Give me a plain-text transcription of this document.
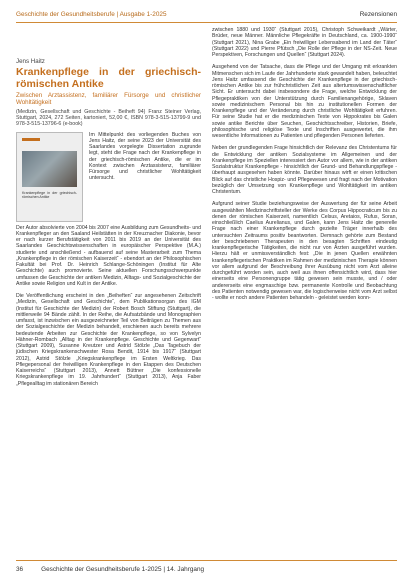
Geschichte der Gesundheitsberufe | Ausgabe 1-2025	Rezensionen
Jens Haitz
Krankenpflege in der griechisch-römischen Antike
Zwischen Arztassistenz, familiärer Fürsorge und christlicher Wohltätigkeit
(Medizin, Gesellschaft und Geschichte - Beiheft 94) Franz Steiner Verlag, Stuttgart, 2024, 272 Seiten, kartoniert, 52,00 €, ISBN 978-3-515-13799-9 und 978-3-515-13796-6 (e-book)
Krankenpflege in der griechisch-römischen Antike
Im Mittelpunkt des vorliegenden Buches von Jens Haitz, der seine 2023 der Universität des Saarlandes vorgelegte Dissertation zugrunde legt, steht die Frage nach der Krankenpflege in der griechisch-römischen Antike, die er im Kontext zwischen Arztassistenz, familiärer Fürsorge und christlicher Wohltätigkeit untersucht.

Der Autor absolvierte von 2004 bis 2007 eine Ausbildung zum Gesundheits- und Krankenpfleger an den Saaland Heilstätten in der Kreuznacher Diakonie, bevor er nach kurzer Berufstätigkeit von 2011 bis 2019 an der Universität des Saarlandes Geschichtswissenschaften in europäischer Perspektive (M.A.) studierte und anschließend - aufbauend auf seine Masterarbeit zum Thema „Krankenpflege in der römischen Kaiserzeit“ - ebendort an der Philosophischen Fakultät bei Prof. Dr. Heinrich Schlange-Schöningen (Institut für Alte Geschichte) auch promovierte. Seine aktuellen Forschungsschwerpunkte umfassen die Geschichte der antiken Medizin, Alltags- und Sozialgeschichte der Antike sowie Religion und Kult in der Antike.

Die Veröffentlichung erscheint in den „Beiheften“ zur angesehenen Zeitschrift „Medizin, Gesellschaft und Geschichte“, dem Publikationsorgan des IGM (Institut für Geschichte der Medizin) der Robert Bosch Stiftung (Stuttgart), die mittlerweile 94 Bände zählt. In der Reihe, die Aufsatzbände und Monographien umfasst, ist inzwischen ein ausgezeichneter Teil von Beiträgen zu Themen aus der Sozialgeschichte der Medizin behandelt, erschienen auch bereits mehrere bedeutende Arbeiten zur Geschichte der Krankenpflege, so von Sylvelyn Hähner-Rombach „Alltag in der Krankenpflege. Geschichte und Gegenwart“ (Stuttgart 2009), Susanne Kreutzer und Astrid Stölzle „Das Tagebuch der jüdischen Kriegskrankenschwester Rosa Bendit, 1914 bis 1917“ (Stuttgart 2012), Astrid Stölzle „Kriegskrankenpflege im Ersten Weltkrieg. Das Pflegepersonal der freiwilligen Krankenpflege in den Etappen des Deutschen Kaiserreichs“ (Stuttgart 2013), Annett Büttner „Die konfessionelle Kriegskrankenpflege im 19. Jahrhundert“ (Stuttgart 2013), Anja Faber „Pflegealltag im stationären Bereich

zwischen 1880 und 1930“ (Stuttgart 2015), Christoph Schweikardt „Wärter, Brüder, neue Männer. Männliche Pflegekräfte in Deutschland, ca. 1900-1990“ (Stuttgart 2021), Nina Grabe „Ein freiwilliger Lebensabend im Land der Täter“ (Stuttgart 2022) und Pierre Pfütsch „Die Rolle der Pflege in der NS-Zeit. Neue Perspektiven, Forschungen und Quellen“ (Stuttgart 2024).

Ausgehend von der Tatsache, dass die Pflege und der Umgang mit erkrankten Mitmenschen sich im Laufe der Jahrhunderte stark gewandelt haben, beleuchtet Jens Haitz umfassend die Geschichte der Krankenpflege in der griechisch-römischen Antike bis zur frühchristlichen Zeit aus altertumswissenschaftlicher Sicht. Er untersucht dabei insbesondere die Frage, welche Entwicklung der Pflegepraktiken von der Unterstützung durch Familienangehörige, Sklaven sowie medizinischem Personal bis hin zu institutionellen Formen der Krankenpflege und der Veränderung durch christliche Wohltätigkeit erfuhren. Für seine Studie hat er die medizinischen Texte von Hippokrates bis Galen sowie antike Berichte über Seuchen, Geschichtsschreiber, Historien, Briefe, philosophische und religiöse Texte und Inschriften ausgewertet, die ihm wesentliche Informationen zu Patienten und pflegenden Personen lieferten.

Neben der grundlegenden Frage hinsichtlich der Relevanz des Christentums für die Entwicklung der antiken Sozialsysteme im Allgemeinen und der Krankenpflege im Speziellen interessiert den Autor vor allem, wie in der antiken Sozialstruktur Krankenpflege - hinsichtlich der Grund- und Behandlungspflege - überhaupt ausgesehen haben könnte. Darüber hinaus wirft er einen kritischen Blick auf das christliche Hospiz- und Pflegewesen und fragt nach der Motivation bezüglich der Umsetzung von Krankenpflege und Wohltätigkeit im antiken Christentum.

Aufgrund seiner Studie beziehungsweise der Auswertung der für seine Arbeit ausgewählten Medizinschriftsteller der Werke des Corpus Hippocraticum bis zu denen der römischen Kaiserzeit, namentlich Celsus, Aretaios, Rufus, Soran, einschließlich Caelius Aurelianus, und Galen, kann Jens Haitz die generelle Frage nach einer Krankenpflege durch gezielte Träger innerhalb des untersuchten Zeitraums positiv beantworten. Demnach gehörte zum Bestand der beschriebenen Therapeuten in den besagten Schriften eindeutig krankenpflegerische Tätigkeiten, die nicht nur von Ärzten ausgeführt wurden. Hierzu hält er unmissverständlich fest: „Die in jenen Quellen erwähnten krankenpflegerischen Praktiken im Rahmen der medizinischen Therapie können vor allem aufgrund der Beschreibung ihrer Ausübung nicht vom Arzt alleine durchgeführt worden sein, auch weil aus ihnen offensichtlich wird, dass hier einerseits eine Personengruppe tätig gewesen sein musste, und / oder andererseits eine engmaschige bzw. permanente Kontrolle und Beobachtung des Patienten notwendig gewesen war, die logischerweise nicht vom Arzt selbst - wollte er noch andere Patienten behandeln - geleistet werden konn-

36	Geschichte der Gesundheitsberufe 1-2025 | 14. Jahrgang
